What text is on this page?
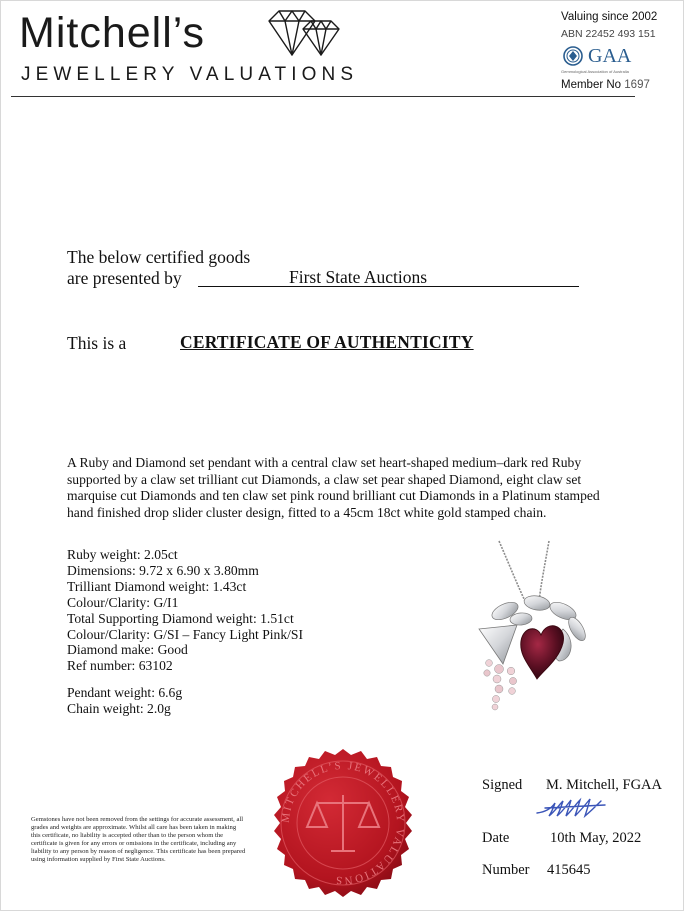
Mitchell’s
JEWELLERY VALUATIONS
Valuing since 2002
ABN 22452 493 151
GAA
Gemmological Association of Australia
Member No 1697
The below certified goods
are presented by	First State Auctions
This is a	CERTIFICATE OF AUTHENTICITY

A Ruby and Diamond set pendant with a central claw set heart-shaped medium–dark red Ruby supported by a claw set trilliant cut Diamonds, a claw set pear shaped Diamond, eight claw set marquise cut Diamonds and ten claw set pink round brilliant cut Diamonds in a Platinum stamped hand finished drop slider cluster design, fitted to a 45cm 18ct white gold stamped chain.

Ruby weight: 2.05ct
Dimensions: 9.72 x 6.90 x 3.80mm
Trilliant Diamond weight: 1.43ct
Colour/Clarity: G/I1
Total Supporting Diamond weight: 1.51ct
Colour/Clarity: G/SI – Fancy Light Pink/SI
Diamond make: Good
Ref number: 63102
Pendant weight: 6.6g
Chain weight: 2.0g
MITCHELL’S JEWELLERY VALUATIONS

Gemstones have not been removed from the settings for accurate assessment, all grades and weights are approximate. Whilst all care has been taken in making this certificate, no liability is accepted other than to the person whom the certificate is given for any errors or omissions in the certificate, including any liability to any person by reason of negligence. This certificate has been prepared using information supplied by First State Auctions.

Signed M. Mitchell, FGAA
Date	10th May, 2022
Number 415645
